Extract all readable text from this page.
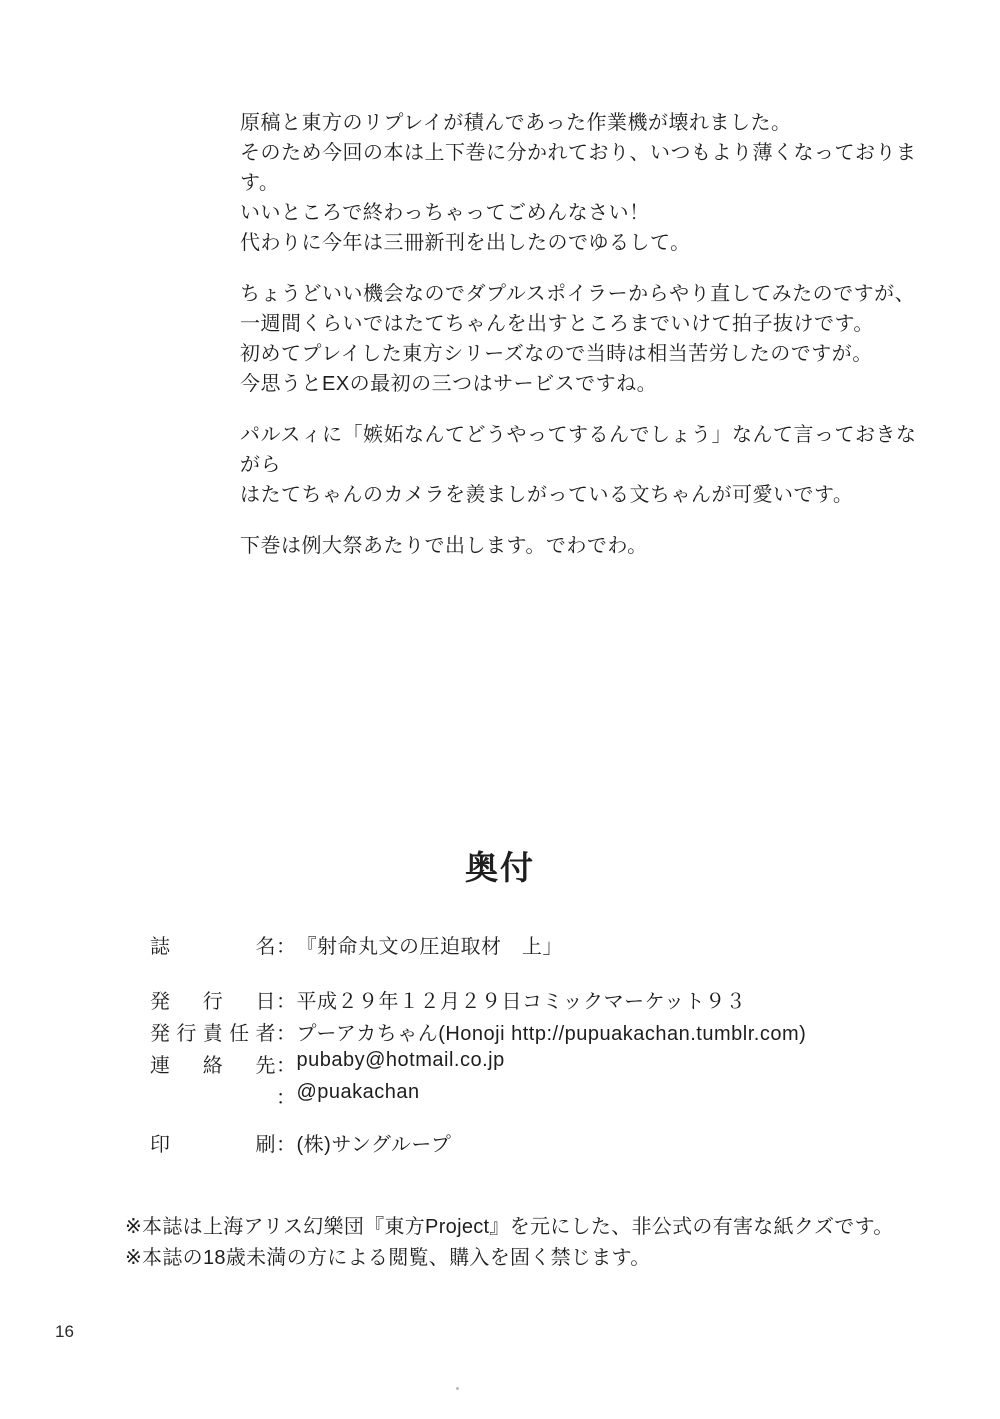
原稿と東方のリプレイが積んであった作業機が壊れました。
そのため今回の本は上下巻に分かれており、いつもより薄くなっております。
いいところで終わっちゃってごめんなさい！
代わりに今年は三冊新刊を出したのでゆるして。
ちょうどいい機会なのでダプルスポイラーからやり直してみたのですが、
一週間くらいではたてちゃんを出すところまでいけて拍子抜けです。
初めてプレイした東方シリーズなので当時は相当苦労したのですが。
今思うとEXの最初の三つはサービスですね。
パルスィに「嫉妬なんてどうやってするんでしょう」なんて言っておきながら
はたてちゃんのカメラを羨ましがっている文ちゃんが可愛いです。
下巻は例大祭あたりで出します。でわでわ。
奥付
誌名 ： 『射命丸文の圧迫取材　上」
発行日 ： 平成２９年１２月２９日コミックマーケット９３
発行責任者 ： プーアカちゃん(Honoji http://pupuakachan.tumblr.com)
連絡先 ： pubaby@hotmail.co.jp
： @puakachan
印刷 ： (株)サングループ
※本誌は上海アリス幻樂団『東方Project』を元にした、非公式の有害な紙クズです。
※本誌の18歳未満の方による閲覧、購入を固く禁じます。
16
